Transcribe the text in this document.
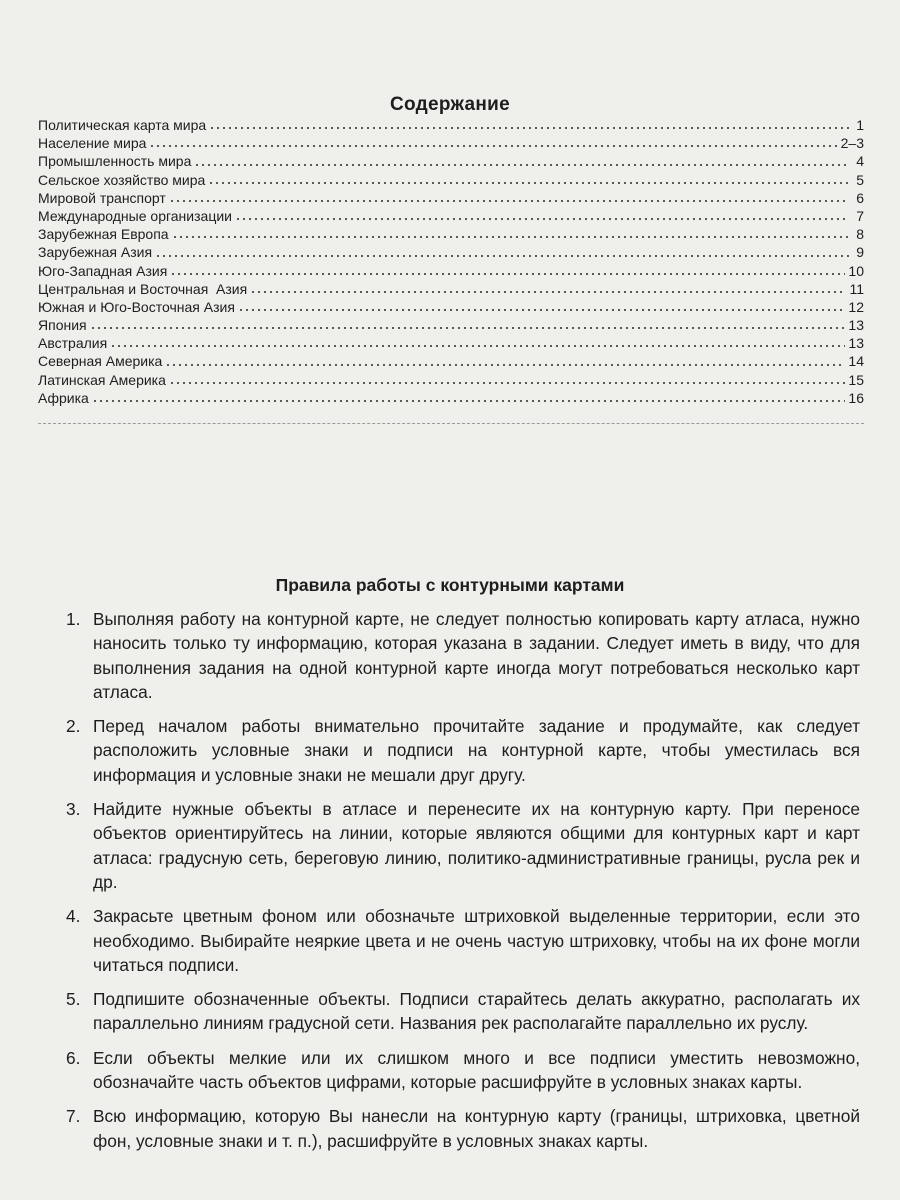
Содержание
Политическая карта мира	1
Население мира	2–3
Промышленность мира	4
Сельское хозяйство мира	5
Мировой транспорт	6
Международные организации	7
Зарубежная Европа	8
Зарубежная Азия	9
Юго-Западная Азия	10
Центральная и Восточная  Азия	11
Южная и Юго-Восточная Азия	12
Япония	13
Австралия	13
Северная Америка	14
Латинская Америка	15
Африка	16
Правила работы с контурными картами
1. Выполняя работу на контурной карте, не следует полностью копировать карту атласа, нужно наносить только ту информацию, которая указана в задании. Следует иметь в виду, что для выполнения задания на одной контурной карте иногда могут потребоваться несколько карт атласа.
2. Перед началом работы внимательно прочитайте задание и продумайте, как следует расположить условные знаки и подписи на контурной карте, чтобы уместилась вся информация и условные знаки не мешали друг другу.
3. Найдите нужные объекты в атласе и перенесите их на контурную карту. При переносе объектов ориентируйтесь на линии, которые являются общими для контурных карт и карт атласа: градусную сеть, береговую линию, политико-административные границы, русла рек и др.
4. Закрасьте цветным фоном или обозначьте штриховкой выделенные территории, если это необходимо. Выбирайте неяркие цвета и не очень частую штриховку, чтобы на их фоне могли читаться подписи.
5. Подпишите обозначенные объекты. Подписи старайтесь делать аккуратно, располагать их параллельно линиям градусной сети. Названия рек располагайте параллельно их руслу.
6. Если объекты мелкие или их слишком много и все подписи уместить невозможно, обозначайте часть объектов цифрами, которые расшифруйте в условных знаках карты.
7. Всю информацию, которую Вы нанесли на контурную карту (границы, штриховка, цветной фон, условные знаки и т. п.), расшифруйте в условных знаках карты.
